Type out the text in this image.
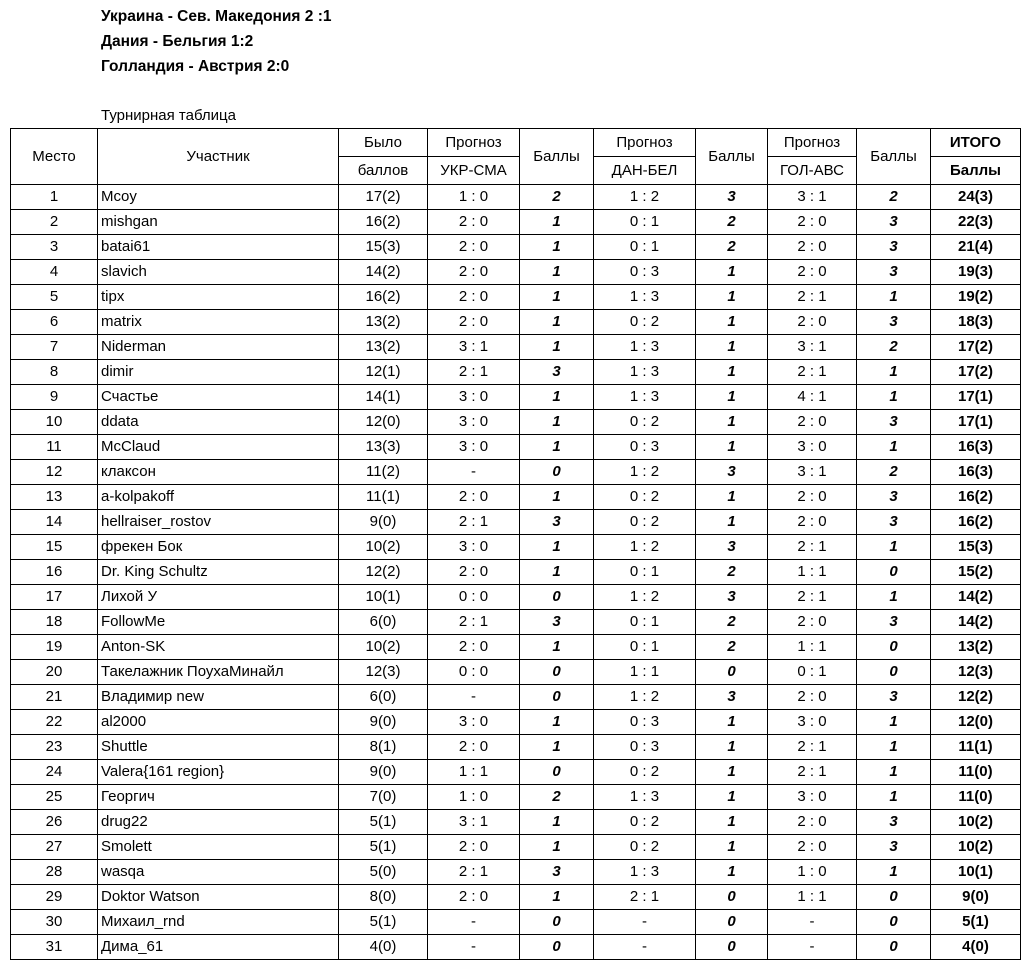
Украина - Сев. Македония 2 :1
Дания - Бельгия 1:2
Голландия - Австрия 2:0
Турнирная таблица
Место	Участник	Было	Прогноз	Баллы	Прогноз	Баллы	Прогноз	Баллы	ИТОГО
		баллов	УКР-СМА		ДАН-БЕЛ		ГОЛ-АВС		Баллы
1	Mcoy	17(2)	1 : 0	2	1 : 2	3	3 : 1	2	24(3)
2	mishgan	16(2)	2 : 0	1	0 : 1	2	2 : 0	3	22(3)
3	batai61	15(3)	2 : 0	1	0 : 1	2	2 : 0	3	21(4)
4	slavich	14(2)	2 : 0	1	0 : 3	1	2 : 0	3	19(3)
5	tipx	16(2)	2 : 0	1	1 : 3	1	2 : 1	1	19(2)
6	matrix	13(2)	2 : 0	1	0 : 2	1	2 : 0	3	18(3)
7	Niderman	13(2)	3 : 1	1	1 : 3	1	3 : 1	2	17(2)
8	dimir	12(1)	2 : 1	3	1 : 3	1	2 : 1	1	17(2)
9	Счастье	14(1)	3 : 0	1	1 : 3	1	4 : 1	1	17(1)
10	ddata	12(0)	3 : 0	1	0 : 2	1	2 : 0	3	17(1)
11	McClaud	13(3)	3 : 0	1	0 : 3	1	3 : 0	1	16(3)
12	клаксон	11(2)	-	0	1 : 2	3	3 : 1	2	16(3)
13	a-kolpakoff	11(1)	2 : 0	1	0 : 2	1	2 : 0	3	16(2)
14	hellraiser_rostov	9(0)	2 : 1	3	0 : 2	1	2 : 0	3	16(2)
15	фрекен Бок	10(2)	3 : 0	1	1 : 2	3	2 : 1	1	15(3)
16	Dr. King Schultz	12(2)	2 : 0	1	0 : 1	2	1 : 1	0	15(2)
17	Лихой У	10(1)	0 : 0	0	1 : 2	3	2 : 1	1	14(2)
18	FollowMe	6(0)	2 : 1	3	0 : 1	2	2 : 0	3	14(2)
19	Anton-SK	10(2)	2 : 0	1	0 : 1	2	1 : 1	0	13(2)
20	Такелажник ПоухаМинайл	12(3)	0 : 0	0	1 : 1	0	0 : 1	0	12(3)
21	Владимир new	6(0)	-	0	1 : 2	3	2 : 0	3	12(2)
22	al2000	9(0)	3 : 0	1	0 : 3	1	3 : 0	1	12(0)
23	Shuttle	8(1)	2 : 0	1	0 : 3	1	2 : 1	1	11(1)
24	Valera{161 region}	9(0)	1 : 1	0	0 : 2	1	2 : 1	1	11(0)
25	Георгич	7(0)	1 : 0	2	1 : 3	1	3 : 0	1	11(0)
26	drug22	5(1)	3 : 1	1	0 : 2	1	2 : 0	3	10(2)
27	Smolett	5(1)	2 : 0	1	0 : 2	1	2 : 0	3	10(2)
28	wasqa	5(0)	2 : 1	3	1 : 3	1	1 : 0	1	10(1)
29	Doktor Watson	8(0)	2 : 0	1	2 : 1	0	1 : 1	0	9(0)
30	Михаил_rnd	5(1)	-	0	-	0	-	0	5(1)
31	Дима_61	4(0)	-	0	-	0	-	0	4(0)
